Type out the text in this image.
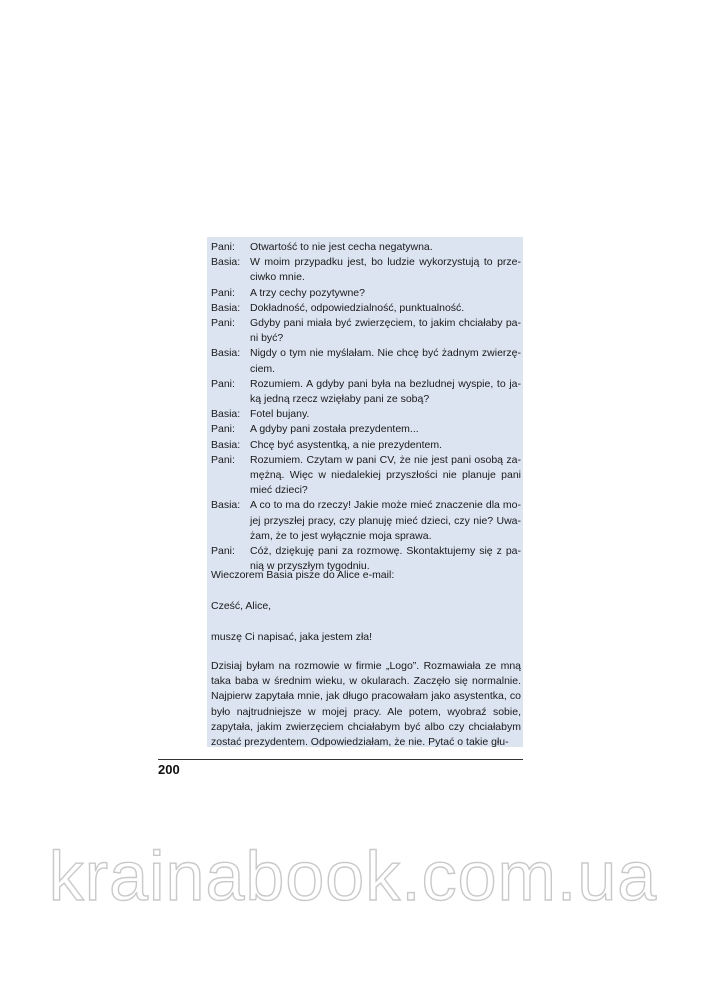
Pani:	Otwartość to nie jest cecha negatywna.
Basia: W moim przypadku jest, bo ludzie wykorzystują to prze-ciwko mnie.
Pani:	A trzy cechy pozytywne?
Basia: Dokładność, odpowiedzialność, punktualność.
Pani:	Gdyby pani miała być zwierzęciem, to jakim chciałaby pa-ni być?
Basia: Nigdy o tym nie myślałam. Nie chcę być żadnym zwierzę-ciem.
Pani:	Rozumiem. A gdyby pani była na bezludnej wyspie, to ja-ką jedną rzecz wzięłaby pani ze sobą?
Basia: Fotel bujany.
Pani:	A gdyby pani została prezydentem...
Basia: Chcę być asystentką, a nie prezydentem.
Pani:	Rozumiem. Czytam w pani CV, że nie jest pani osobą za-mężną. Więc w niedalekiej przyszłości nie planuje pani mieć dzieci?
Basia: A co to ma do rzeczy! Jakie może mieć znaczenie dla mo-jej przyszłej pracy, czy planuję mieć dzieci, czy nie? Uwa-żam, że to jest wyłącznie moja sprawa.
Pani:	Cóż, dziękuję pani za rozmowę. Skontaktujemy się z pa-nią w przyszłym tygodniu.

Wieczorem Basia pisze do Alice e-mail:

Cześć, Alice,

muszę Ci napisać, jaka jestem zła!

Dzisiaj byłam na rozmowie w firmie „Logo”. Rozmawiała ze mną taka baba w średnim wieku, w okularach. Zaczęło się normalnie. Najpierw zapytała mnie, jak długo pracowałam jako asystentka, co było najtrudniejsze w mojej pracy. Ale potem, wyobraź sobie, zapytała, jakim zwierzęciem chciałabym być albo czy chciałabym zostać prezydentem. Odpowiedziałam, że nie. Pytać o takie głu-

200
krainabook.com.ua
